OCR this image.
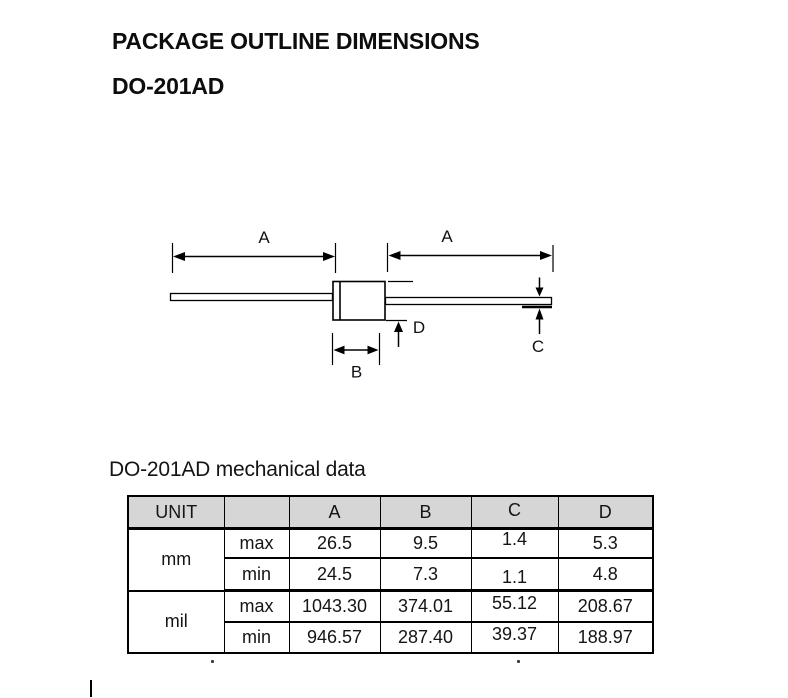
PACKAGE OUTLINE DIMENSIONS
DO-201AD
A	A
D
B
C
DO-201AD mechanical data
UNIT		A	B	C	D
mm	max	26.5	9.5	1.4	5.3
	min	24.5	7.3	1.1	4.8
mil	max	1043.30	374.01	55.12	208.67
	min	946.57	287.40	39.37	188.97
